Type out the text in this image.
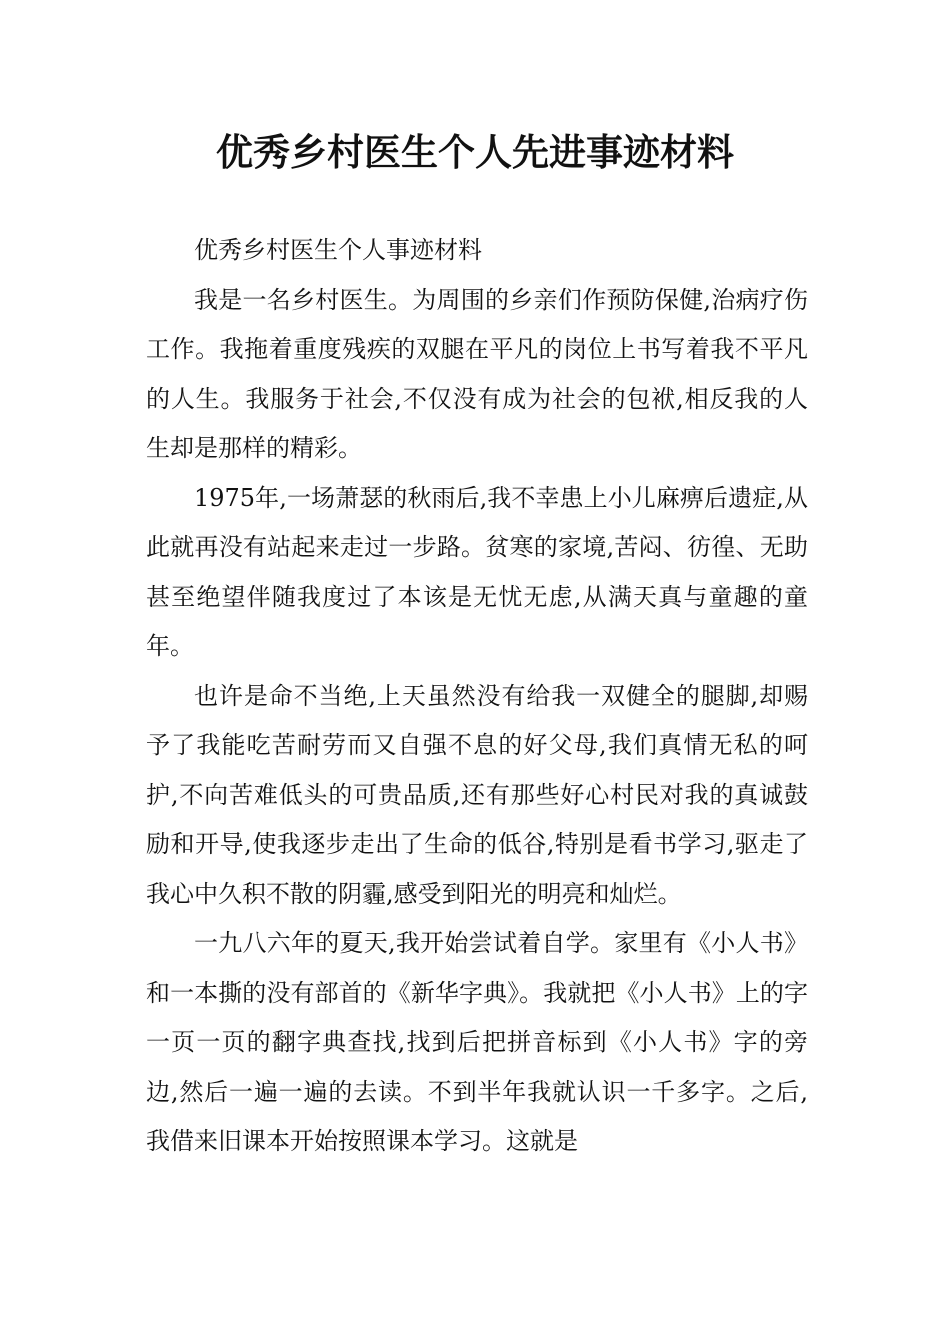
优秀乡村医生个人先进事迹材料

优秀乡村医生个人事迹材料

我是一名乡村医生。为周围的乡亲们作预防保健,治病疗伤工作。我拖着重度残疾的双腿在平凡的岗位上书写着我不平凡的人生。我服务于社会,不仅没有成为社会的包袱,相反我的人生却是那样的精彩。

1975年,一场萧瑟的秋雨后,我不幸患上小儿麻痹后遗症,从此就再没有站起来走过一步路。贫寒的家境,苦闷、彷徨、无助甚至绝望伴随我度过了本该是无忧无虑,从满天真与童趣的童年。

也许是命不当绝,上天虽然没有给我一双健全的腿脚,却赐予了我能吃苦耐劳而又自强不息的好父母,我们真情无私的呵护,不向苦难低头的可贵品质,还有那些好心村民对我的真诚鼓励和开导,使我逐步走出了生命的低谷,特别是看书学习,驱走了我心中久积不散的阴霾,感受到阳光的明亮和灿烂。

一九八六年的夏天,我开始尝试着自学。家里有《小人书》和一本撕的没有部首的《新华字典》。我就把《小人书》上的字一页一页的翻字典查找,找到后把拼音标到《小人书》字的旁边,然后一遍一遍的去读。不到半年我就认识一千多字。之后,我借来旧课本开始按照课本学习。这就是
